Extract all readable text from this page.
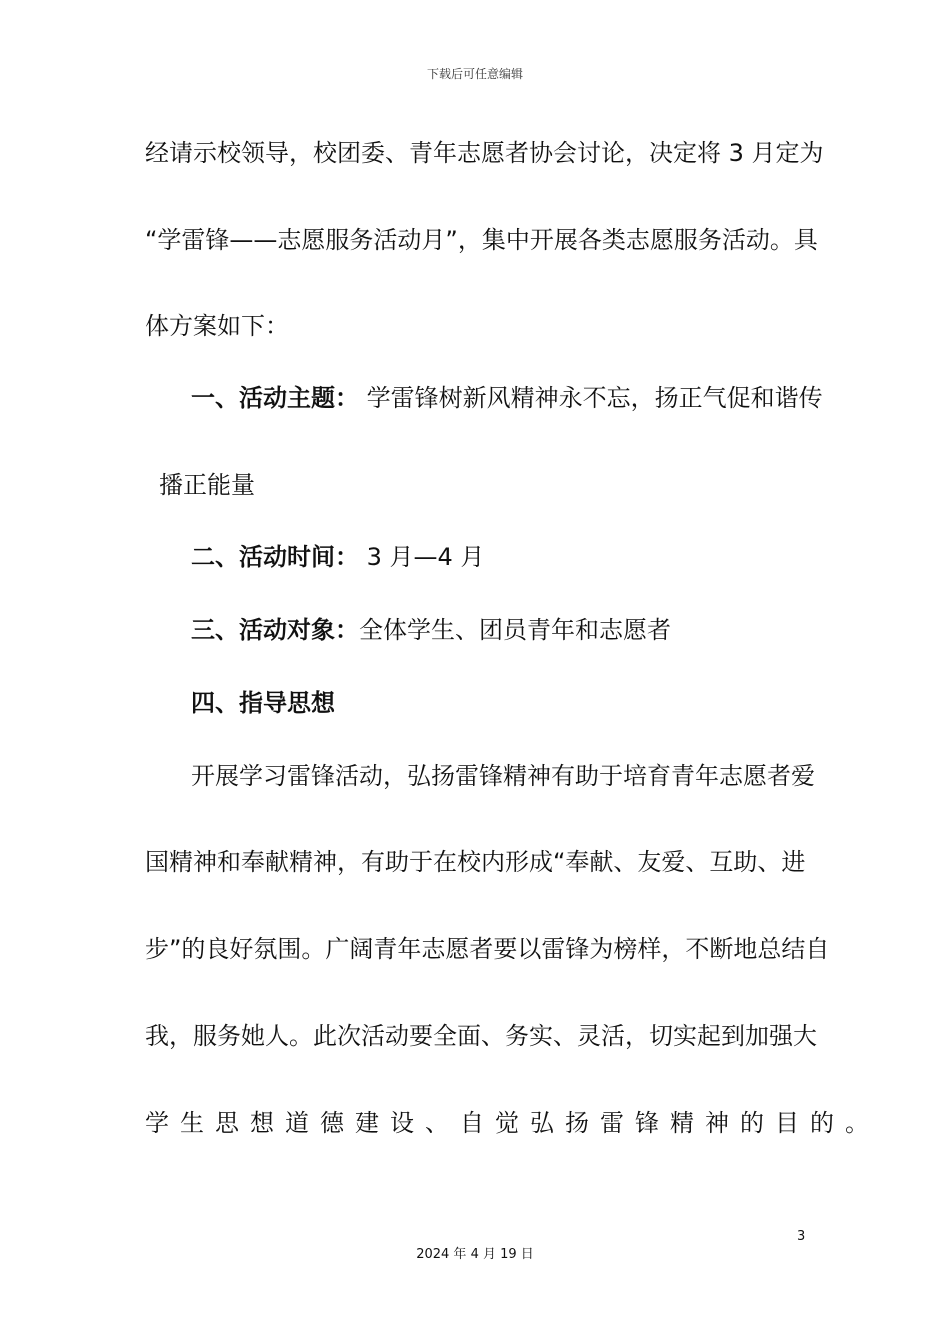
下载后可任意编辑
经请示校领导，校团委、青年志愿者协会讨论，决定将 3 月定为
“学雷锋——志愿服务活动月”，集中开展各类志愿服务活动。具
体方案如下：
一、活动主题： 学雷锋树新风精神永不忘，扬正气促和谐传
播正能量
二、活动时间： 3 月—4 月
三、活动对象：全体学生、团员青年和志愿者
四、指导思想
开展学习雷锋活动，弘扬雷锋精神有助于培育青年志愿者爱
国精神和奉献精神，有助于在校内形成“奉献、友爱、互助、进
步”的良好氛围。广阔青年志愿者要以雷锋为榜样，不断地总结自
我，服务她人。此次活动要全面、务实、灵活，切实起到加强大
学生思想道德建设、自觉弘扬雷锋精神的目的。
3
2024 年 4 月 19 日
